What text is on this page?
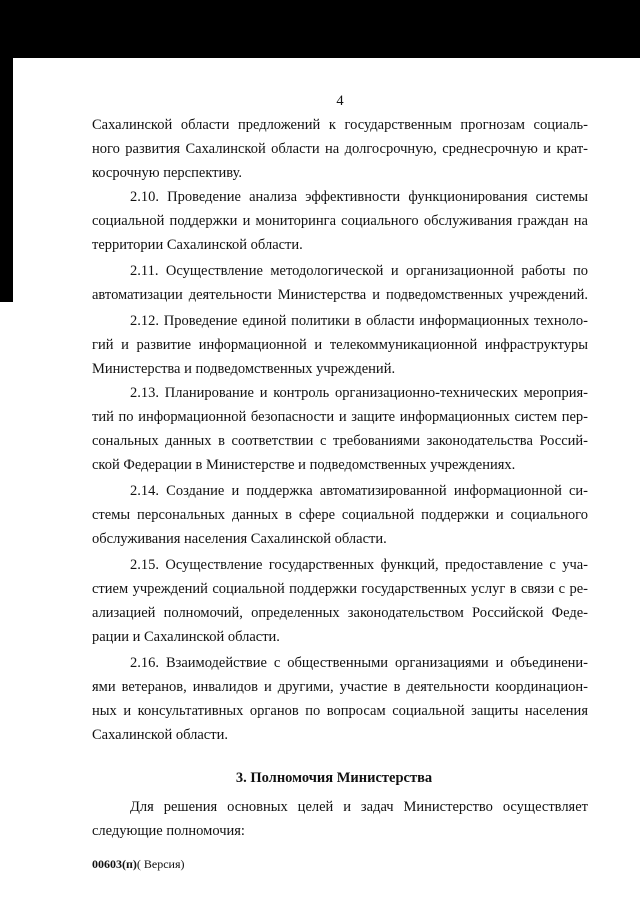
4
Сахалинской области предложений к государственным прогнозам социаль-
ного развития Сахалинской области на долгосрочную, среднесрочную и крат-
косрочную перспективу.
2.10. Проведение анализа эффективности функционирования системы
социальной поддержки и мониторинга социального обслуживания граждан на
территории Сахалинской области.
2.11. Осуществление методологической и организационной работы по
автоматизации деятельности Министерства и подведомственных учреждений.
2.12. Проведение единой политики в области информационных техноло-
гий и развитие информационной и телекоммуникационной инфраструктуры
Министерства и подведомственных учреждений.
2.13. Планирование и контроль организационно-технических мероприя-
тий по информационной безопасности и защите информационных систем пер-
сональных данных в соответствии с требованиями законодательства Россий-
ской Федерации в Министерстве и подведомственных учреждениях.
2.14. Создание и поддержка автоматизированной информационной си-
стемы персональных данных в сфере социальной поддержки и социального
обслуживания населения Сахалинской области.
2.15. Осуществление государственных функций, предоставление с уча-
стием учреждений социальной поддержки государственных услуг в связи с ре-
ализацией полномочий, определенных законодательством Российской Феде-
рации и Сахалинской области.
2.16. Взаимодействие с общественными организациями и объединени-
ями ветеранов, инвалидов и другими, участие в деятельности координацион-
ных и консультативных органов по вопросам социальной защиты населения
Сахалинской области.
3. Полномочия Министерства
Для решения основных целей и задач Министерство осуществляет
следующие полномочия:
00603(п)( Версия)
